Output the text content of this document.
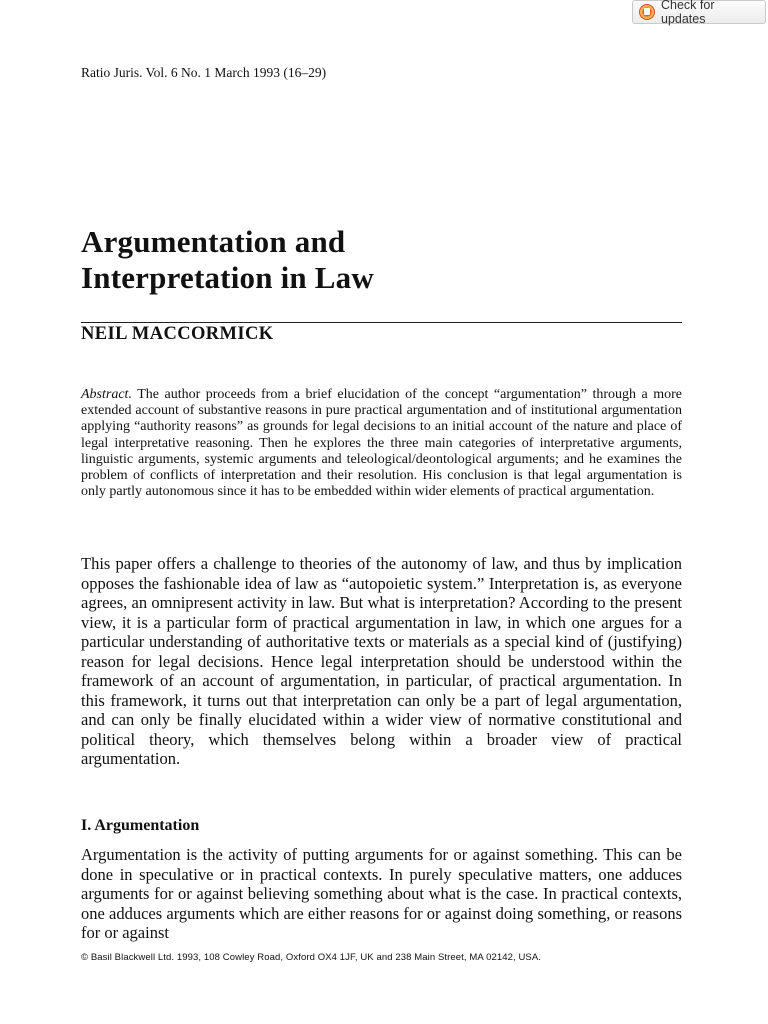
Check for updates
Ratio Juris. Vol. 6 No. 1 March 1993 (16–29)
Argumentation and
Interpretation in Law
NEIL MACCORMICK

Abstract. The author proceeds from a brief elucidation of the concept “argumentation” through a more extended account of substantive reasons in pure practical argumentation and of institutional argumentation applying “authority reasons” as grounds for legal decisions to an initial account of the nature and place of legal interpretative reasoning. Then he explores the three main categories of interpretative arguments, linguistic arguments, systemic arguments and teleological/deontological arguments; and he examines the problem of conflicts of interpretation and their resolution. His conclusion is that legal argumentation is only partly autonomous since it has to be embedded within wider elements of practical argumentation.

This paper offers a challenge to theories of the autonomy of law, and thus by implication opposes the fashionable idea of law as “autopoietic system.” Interpretation is, as everyone agrees, an omnipresent activity in law. But what is interpretation? According to the present view, it is a particular form of practical argumentation in law, in which one argues for a particular understanding of authoritative texts or materials as a special kind of (justifying) reason for legal decisions. Hence legal interpretation should be understood within the framework of an account of argumentation, in particular, of practical argumentation. In this framework, it turns out that interpretation can only be a part of legal argumentation, and can only be finally elucidated within a wider view of normative constitutional and political theory, which themselves belong within a broader view of practical argumentation.

I. Argumentation

Argumentation is the activity of putting arguments for or against something. This can be done in speculative or in practical contexts. In purely speculative matters, one adduces arguments for or against believing something about what is the case. In practical contexts, one adduces arguments which are either reasons for or against doing something, or reasons for or against

© Basil Blackwell Ltd. 1993, 108 Cowley Road, Oxford OX4 1JF, UK and 238 Main Street, MA 02142, USA.
